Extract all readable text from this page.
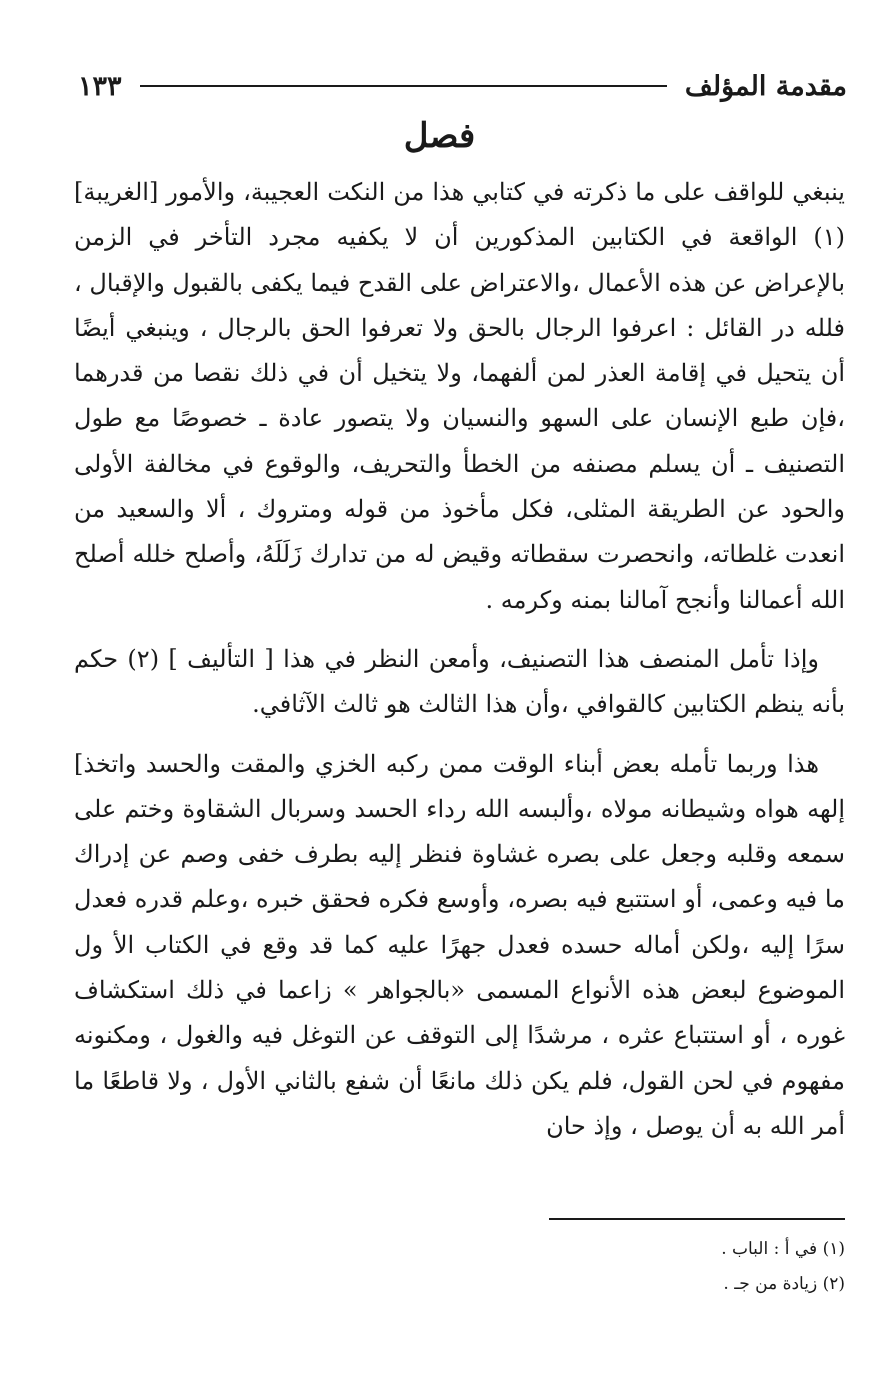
مقدمة المؤلف
١٣٣
فصل

ينبغي للواقف على ما ذكرته في كتابي هذا من النكت العجيبة، والأمور [الغريبة] (١) الواقعة في الكتابين المذكورين أن لا يكفيه مجرد التأخر في الزمن بالإعراض عن هذه الأعمال ،والاعتراض على القدح فيما يكفى بالقبول والإقبال ، فلله در القائل : اعرفوا الرجال بالحق ولا تعرفوا الحق بالرجال ، وينبغي أيضًا أن يتحيل في إقامة العذر لمن ألفهما، ولا يتخيل أن في ذلك نقصا من قدرهما ،فإن طبع الإنسان على السهو والنسيان ولا يتصور عادة ـ خصوصًا مع طول التصنيف ـ أن يسلم مصنفه من الخطأ والتحريف، والوقوع في مخالفة الأولى والحود عن الطريقة المثلى، فكل مأخوذ من قوله ومتروك ، ألا والسعيد من انعدت غلطاته، وانحصرت سقطاته وقيض له من تدارك زَلَلَهُ، وأصلح خلله أصلح الله أعمالنا وأنجح آمالنا بمنه وكرمه .

وإذا تأمل المنصف هذا التصنيف، وأمعن النظر في هذا [ التأليف ] (٢) حكم بأنه ينظم الكتابين كالقوافي ،وأن هذا الثالث هو ثالث الآثافي.

هذا وربما تأمله بعض أبناء الوقت ممن ركبه الخزي والمقت والحسد واتخذ] إلهه هواه وشيطانه مولاه ،وألبسه الله رداء الحسد وسربال الشقاوة وختم على سمعه وقلبه وجعل على بصره غشاوة فنظر إليه بطرف خفى وصم عن إدراك ما فيه وعمى، أو استتبع فيه بصره، وأوسع فكره فحقق خبره ،وعلم قدره فعدل سرًا إليه ،ولكن أماله حسده فعدل جهرًا عليه كما قد وقع في الكتاب الأ ول الموضوع لبعض هذه الأنواع المسمى «بالجواهر » زاعما في ذلك استكشاف غوره ، أو استتباع عثره ، مرشدًا إلى التوقف عن التوغل فيه والغول ، ومكنونه مفهوم في لحن القول، فلم يكن ذلك مانعًا أن شفع بالثاني الأول ، ولا قاطعًا ما أمر الله به أن يوصل ، وإذ حان

(١) في أ : الباب .
(٢) زيادة من جـ .
